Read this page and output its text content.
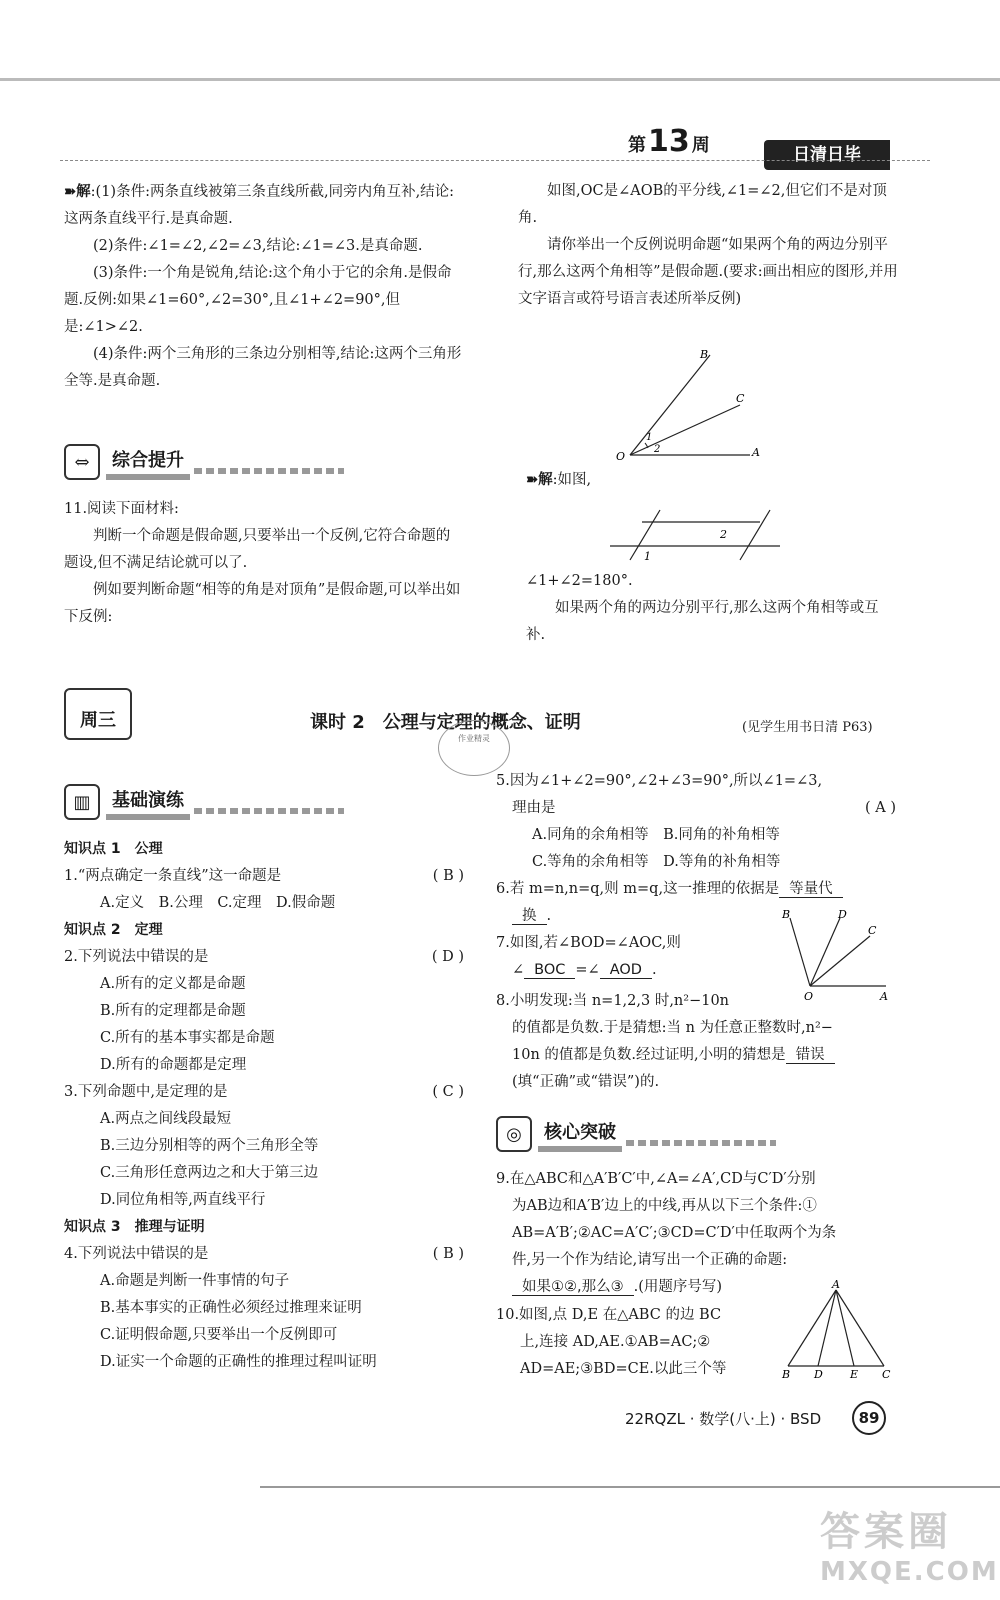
第13 周	日清日毕

➽解:(1)条件:两条直线被第三条直线所截,同旁内角互补,结论:这两条直线平行.是真命题.

(2)条件:∠1=∠2,∠2=∠3,结论:∠1=∠3.是真命题.

(3)条件:一个角是锐角,结论:这个角小于它的余角.是假命题.反例:如果∠1=60°,∠2=30°,且∠1+∠2=90°,但是:∠1>∠2.

(4)条件:两个三角形的三条边分别相等,结论:这两个三角形全等.是真命题.

⇔	综合提升

11.阅读下面材料:

判断一个命题是假命题,只要举出一个反例,它符合命题的题设,但不满足结论就可以了.

例如要判断命题“相等的角是对顶角”是假命题,可以举出如下反例:

如图,OC是∠AOB的平分线,∠1=∠2,但它们不是对顶角.

请你举出一个反例说明命题“如果两个角的两边分别平行,那么这两个角相等”是假命题.(要求:画出相应的图形,并用文字语言或符号语言表述所举反例)

B
C
O
1
2	A

➽解:如图,

2
1

∠1+∠2=180°.

如果两个角的两边分别平行,那么这两个角相等或互补.

周三	课时 2　公理与定理的概念、证明	(见学生用书日清 P63)
作业精灵
▥	基础演练

知识点 1　公理

1.“两点确定一条直线”这一命题是	( B )

A.定义　B.公理　C.定理　D.假命题

知识点 2　定理

2.下列说法中错误的是	( D )

A.所有的定义都是命题

B.所有的定理都是命题

C.所有的基本事实都是命题

D.所有的命题都是定理

3.下列命题中,是定理的是	( C )

A.两点之间线段最短

B.三边分别相等的两个三角形全等

C.三角形任意两边之和大于第三边

D.同位角相等,两直线平行

知识点 3　推理与证明

4.下列说法中错误的是	( B )

A.命题是判断一件事情的句子

B.基本事实的正确性必须经过推理来证明

C.证明假命题,只要举出一个反例即可

D.证实一个命题的正确性的推理过程叫证明

5.因为∠1+∠2=90°,∠2+∠3=90°,所以∠1=∠3,

理由是	( A )

A.同角的余角相等　B.同角的补角相等

C.等角的余角相等　D.等角的补角相等

6.若 m=n,n=q,则 m=q,这一推理的依据是 等量代

换 .

7.如图,若∠BOD=∠AOC,则

∠ BOC =∠ AOD .

B	D
C
O	A

8.小明发现:当 n=1,2,3 时,n²−10n

的值都是负数.于是猜想:当 n 为任意正整数时,n²−

10n 的值都是负数.经过证明,小明的猜想是 错误

(填“正确”或“错误”)的.

◎	核心突破

9.在△ABC和△A′B′C′中,∠A=∠A′,CD与C′D′分别

为AB边和A′B′边上的中线,再从以下三个条件:①

AB=A′B′;②AC=A′C′;③CD=C′D′中任取两个为条

件,另一个作为结论,请写出一个正确的命题:

如果①②,那么③ .(用题序号写)

10.如图,点 D,E 在△ABC 的边 BC

上,连接 AD,AE.①AB=AC;②

AD=AE;③BD=CE.以此三个等

A
B D E C
22RQZL · 数学(八·上) · BSD	89
答案圈
MXQE.COM
